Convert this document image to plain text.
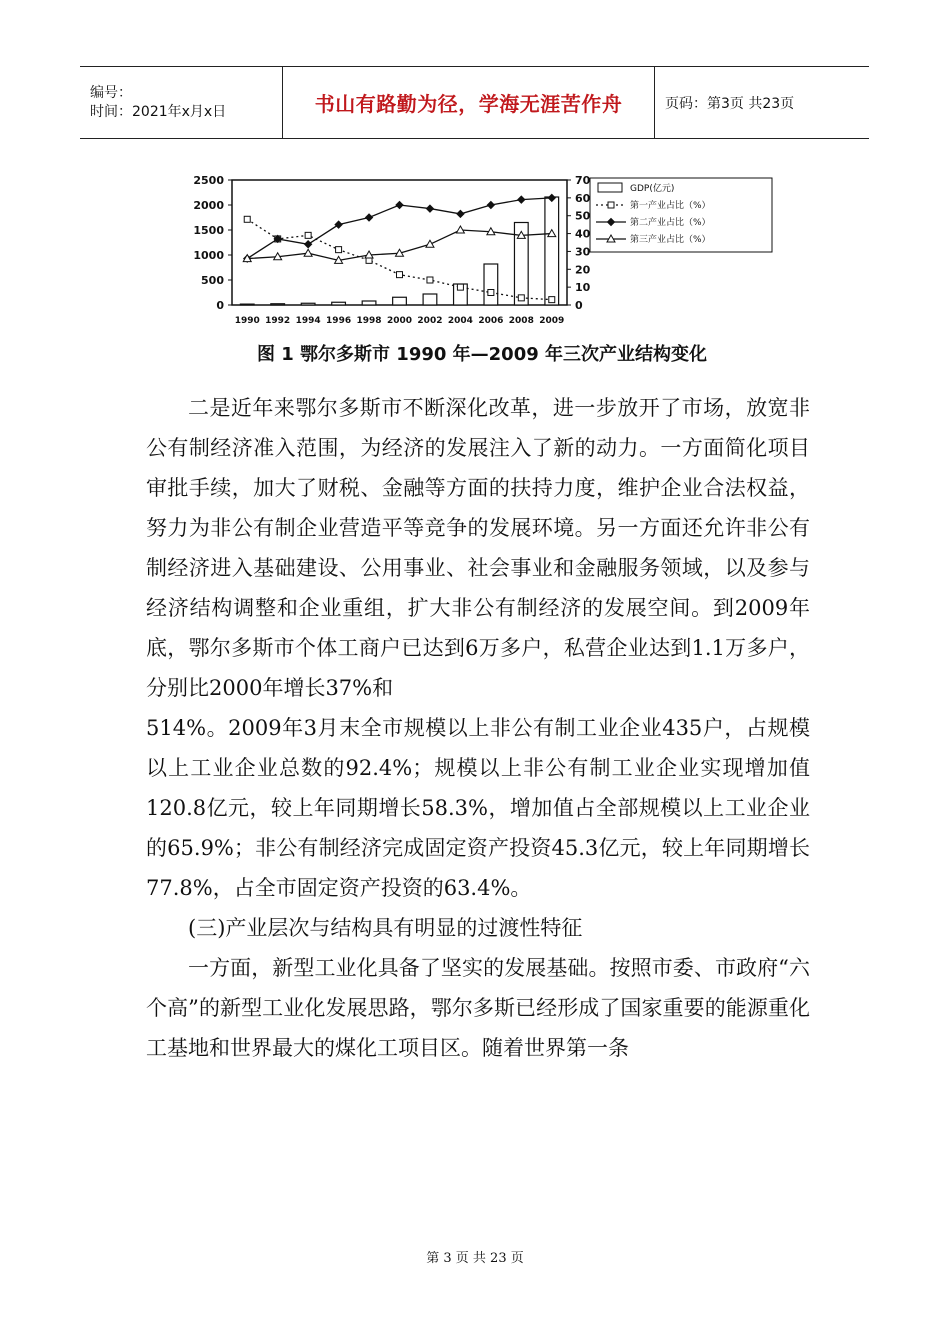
编号：
时间：2021年x月x日	书山有路勤为径，学海无涯苦作舟	页码：第3页 共23页
2500
2000
1500
1000
500
0
70
60
50
40
30
20
10
0
1990 1992 1994 1996 1998 2000 2002 2004 2006 2008 2009
GDP(亿元)
第一产业占比（%）
第二产业占比（%）
第三产业占比（%）
图 1 鄂尔多斯市 1990 年—2009 年三次产业结构变化

二是近年来鄂尔多斯市不断深化改革，进一步放开了市场，放宽非公有制经济准入范围，为经济的发展注入了新的动力。一方面简化项目审批手续，加大了财税、金融等方面的扶持力度，维护企业合法权益，努力为非公有制企业营造平等竞争的发展环境。另一方面还允许非公有制经济进入基础建设、公用事业、社会事业和金融服务领域，以及参与经济结构调整和企业重组，扩大非公有制经济的发展空间。到2009年底，鄂尔多斯市个体工商户已达到6万多户，私营企业达到1.1万多户，分别比2000年增长37%和

514%。2009年3月末全市规模以上非公有制工业企业435户，占规模以上工业企业总数的92.4%；规模以上非公有制工业企业实现增加值120.8亿元，较上年同期增长58.3%，增加值占全部规模以上工业企业的65.9%；非公有制经济完成固定资产投资45.3亿元，较上年同期增长77.8%，占全市固定资产投资的63.4%。

(三)产业层次与结构具有明显的过渡性特征

一方面，新型工业化具备了坚实的发展基础。按照市委、市政府“六个高”的新型工业化发展思路，鄂尔多斯已经形成了国家重要的能源重化工基地和世界最大的煤化工项目区。随着世界第一条

第 3 页 共 23 页
